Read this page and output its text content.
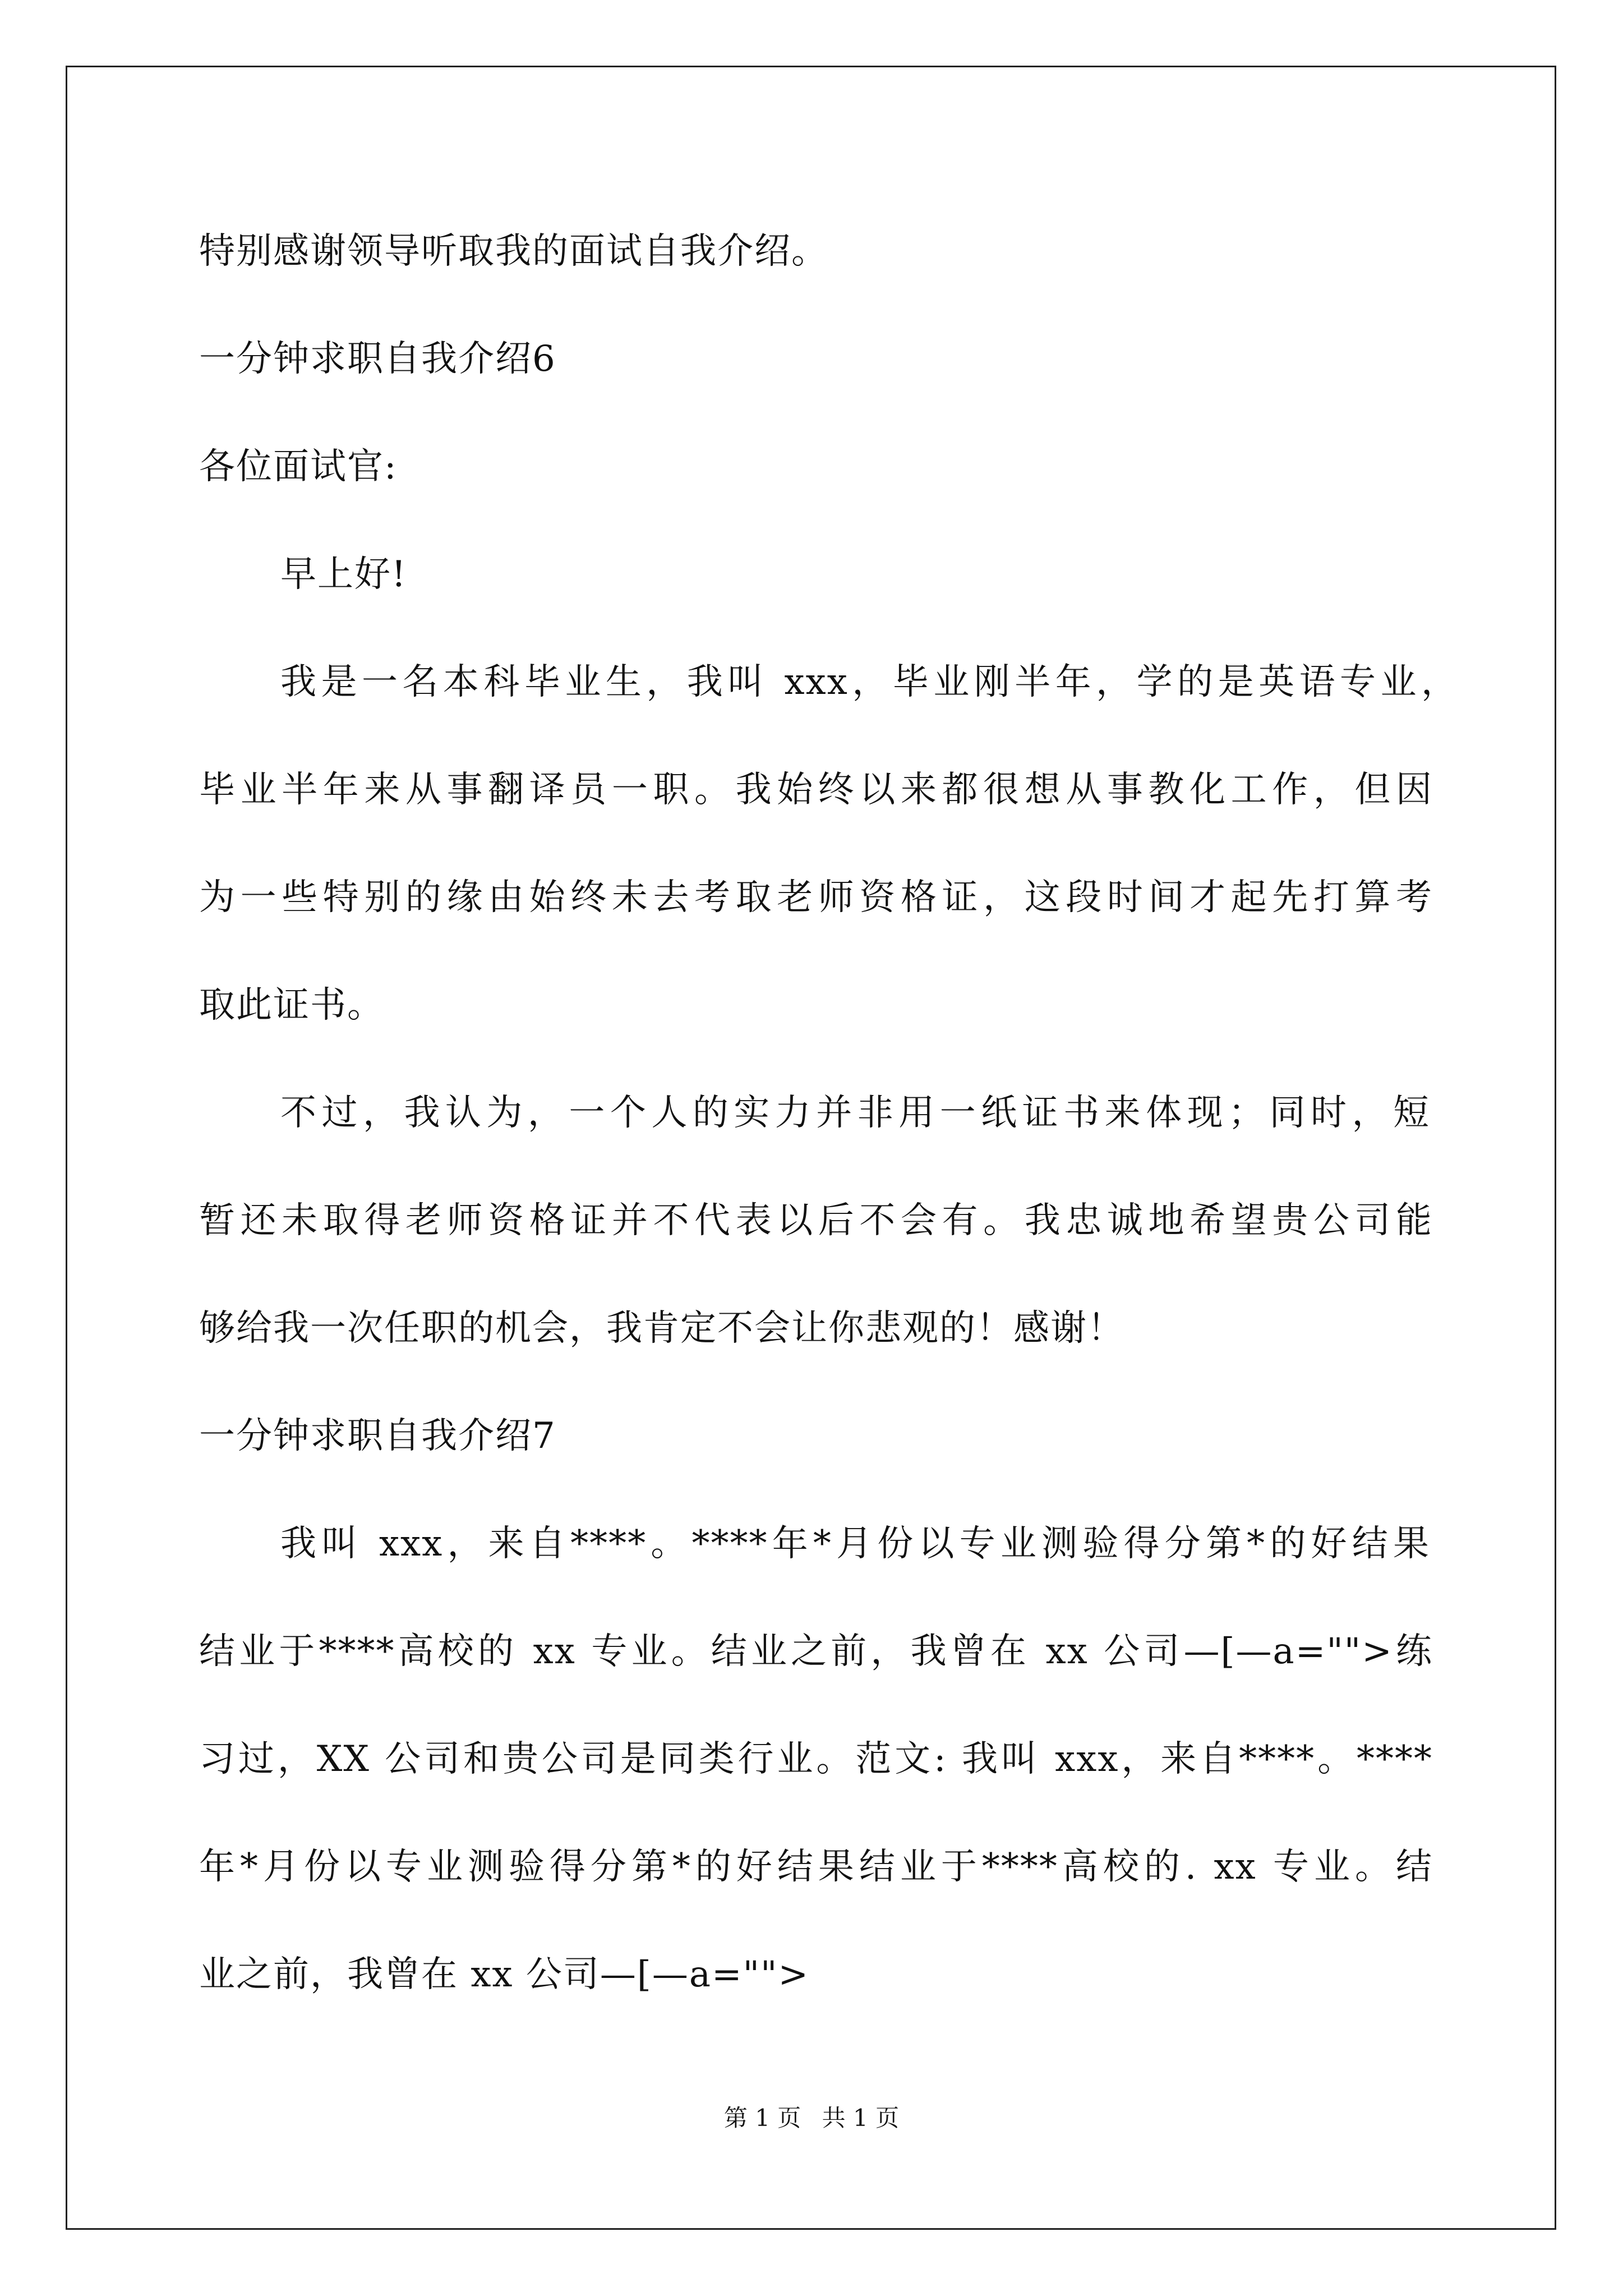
特别感谢领导听取我的面试自我介绍。

一分钟求职自我介绍6

各位面试官:

早上好!

我是一名本科毕业生，我叫 xxx，毕业刚半年，学的是英语专业，

毕业半年来从事翻译员一职。我始终以来都很想从事教化工作，但因

为一些特别的缘由始终未去考取老师资格证，这段时间才起先打算考

取此证书。

不过，我认为，一个人的实力并非用一纸证书来体现；同时，短

暂还未取得老师资格证并不代表以后不会有。我忠诚地希望贵公司能

够给我一次任职的机会，我肯定不会让你悲观的！感谢！

一分钟求职自我介绍7

我叫 xxx，来自****。****年*月份以专业测验得分第*的好结果

结业于****高校的 xx 专业。结业之前，我曾在 xx 公司—[—a="">练

习过，XX 公司和贵公司是同类行业。范文: 我叫 xxx，来自****。****

年*月份以专业测验得分第*的好结果结业于****高校的. xx 专业。结

业之前，我曾在 xx 公司—[—a="">

第 1 页 共 1 页
